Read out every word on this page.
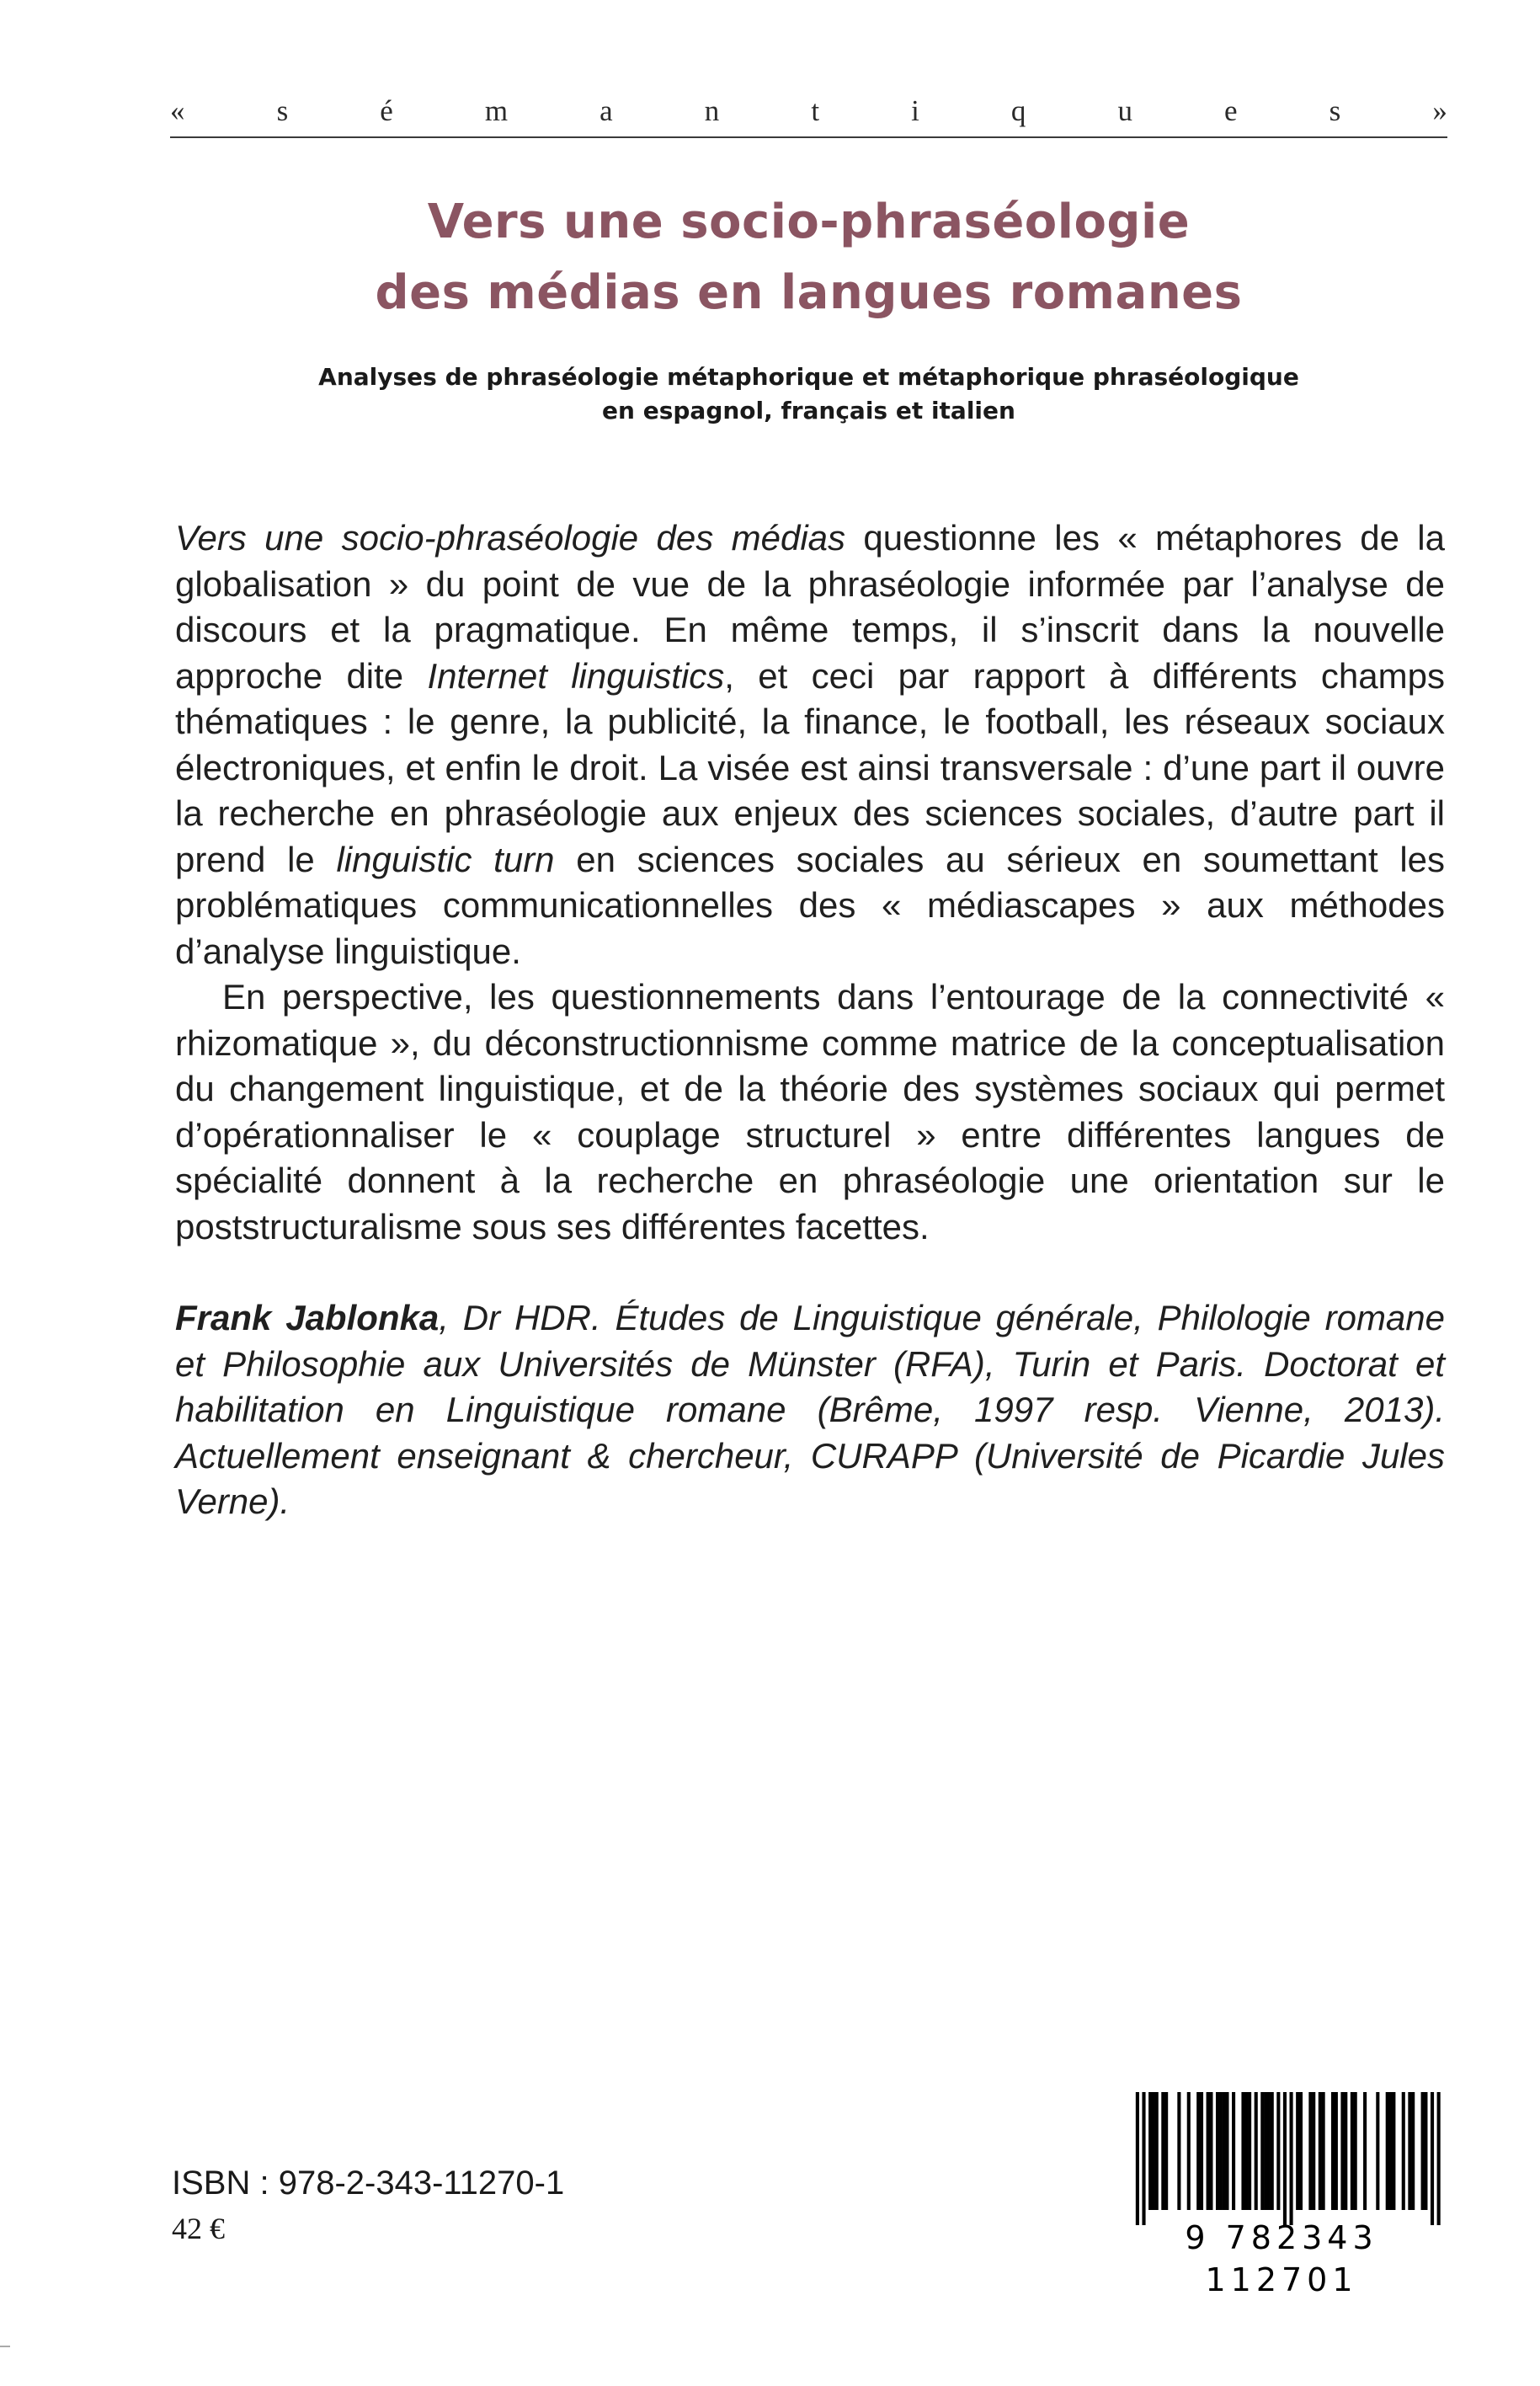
«	s	é	m	a	n	t	i	q	u	e	s	»
Vers une socio-phraséologie
des médias en langues romanes
Analyses de phraséologie métaphorique et métaphorique phraséologique
en espagnol, français et italien

Vers une socio-phraséologie des médias questionne les « métaphores de la globalisation » du point de vue de la phraséologie informée par l’analyse de discours et la pragmatique. En même temps, il s’inscrit dans la nouvelle approche dite Internet linguistics, et ceci par rapport à différents champs thématiques : le genre, la publicité, la finance, le football, les réseaux sociaux électroniques, et enfin le droit. La visée est ainsi transversale : d’une part il ouvre la recherche en phraséologie aux enjeux des sciences sociales, d’autre part il prend le linguistic turn en sciences sociales au sérieux en soumettant les problématiques communicationnelles des « médiascapes » aux méthodes d’analyse linguistique.

En perspective, les questionnements dans l’entourage de la connectivité « rhizomatique », du déconstructionnisme comme matrice de la conceptualisation du changement linguistique, et de la théorie des systèmes sociaux qui permet d’opérationnaliser le « couplage structurel » entre différentes langues de spécialité donnent à la recherche en phraséologie une orientation sur le poststructuralisme sous ses différentes facettes.

Frank Jablonka, Dr HDR. Études de Linguistique générale, Philologie romane et Philosophie aux Universités de Münster (RFA), Turin et Paris. Doctorat et habilitation en Linguistique romane (Brême, 1997 resp. Vienne, 2013). Actuellement enseignant & chercheur, CURAPP (Université de Picardie Jules Verne).
ISBN : 978-2-343-11270-1
42 €	9 782343 112701
